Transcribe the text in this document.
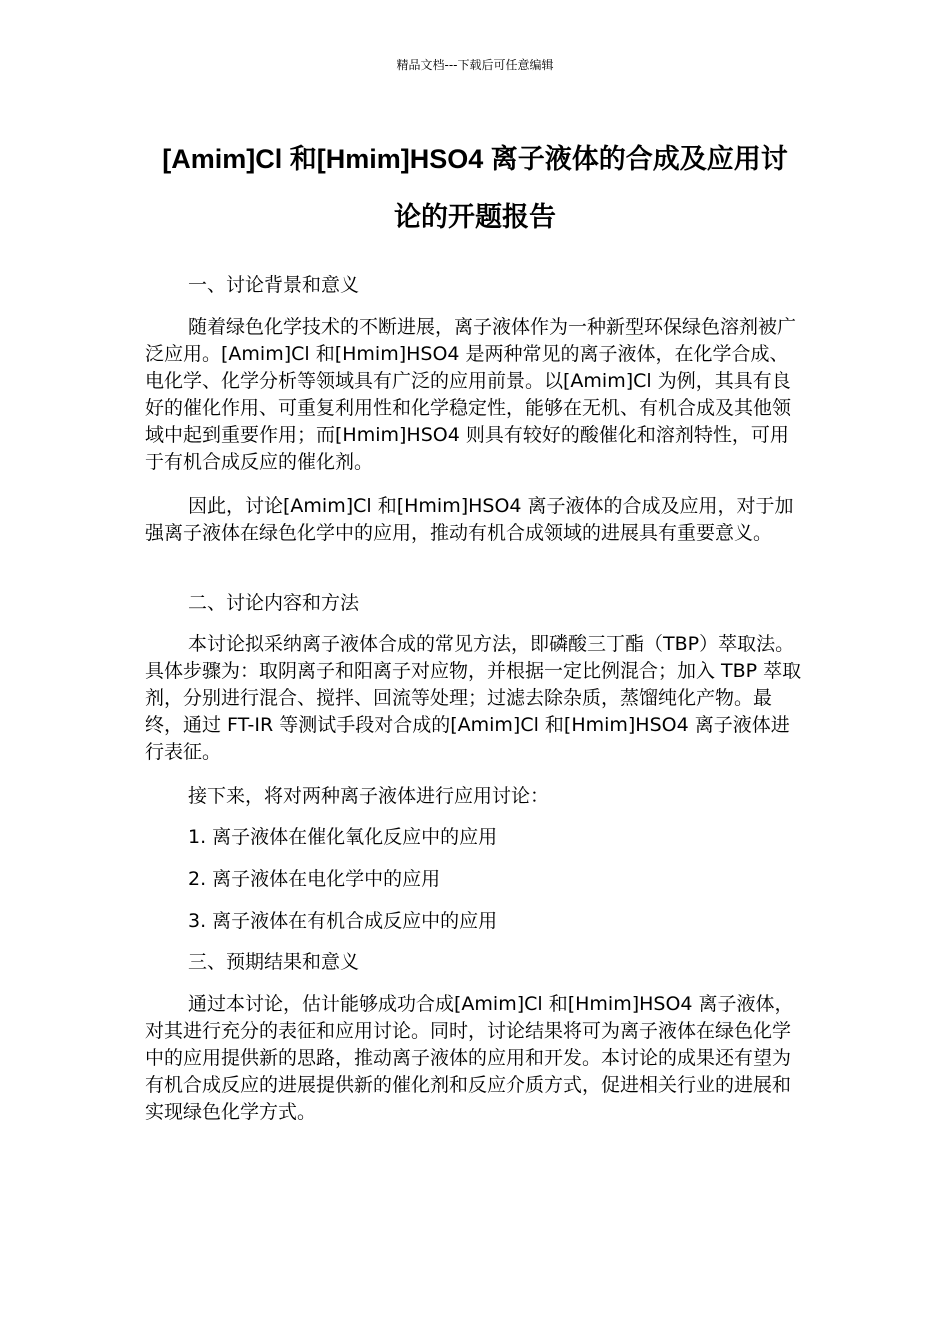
精品文档---下载后可任意编辑
[Amim]Cl 和[Hmim]HSO4 离子液体的合成及应用讨
论的开题报告

一、讨论背景和意义

随着绿色化学技术的不断进展，离子液体作为一种新型环保绿色溶剂被广泛应用。[Amim]Cl 和[Hmim]HSO4 是两种常见的离子液体，在化学合成、电化学、化学分析等领域具有广泛的应用前景。以[Amim]Cl 为例，其具有良好的催化作用、可重复利用性和化学稳定性，能够在无机、有机合成及其他领域中起到重要作用；而[Hmim]HSO4 则具有较好的酸催化和溶剂特性，可用于有机合成反应的催化剂。

因此，讨论[Amim]Cl 和[Hmim]HSO4 离子液体的合成及应用，对于加强离子液体在绿色化学中的应用，推动有机合成领域的进展具有重要意义。

二、讨论内容和方法

本讨论拟采纳离子液体合成的常见方法，即磷酸三丁酯（TBP）萃取法。具体步骤为：取阴离子和阳离子对应物，并根据一定比例混合；加入 TBP 萃取剂，分别进行混合、搅拌、回流等处理；过滤去除杂质，蒸馏纯化产物。最终，通过 FT-IR 等测试手段对合成的[Amim]Cl 和[Hmim]HSO4 离子液体进行表征。

接下来，将对两种离子液体进行应用讨论：

1. 离子液体在催化氧化反应中的应用

2. 离子液体在电化学中的应用

3. 离子液体在有机合成反应中的应用

三、预期结果和意义

通过本讨论，估计能够成功合成[Amim]Cl 和[Hmim]HSO4 离子液体，对其进行充分的表征和应用讨论。同时，讨论结果将可为离子液体在绿色化学中的应用提供新的思路，推动离子液体的应用和开发。本讨论的成果还有望为有机合成反应的进展提供新的催化剂和反应介质方式，促进相关行业的进展和实现绿色化学方式。
